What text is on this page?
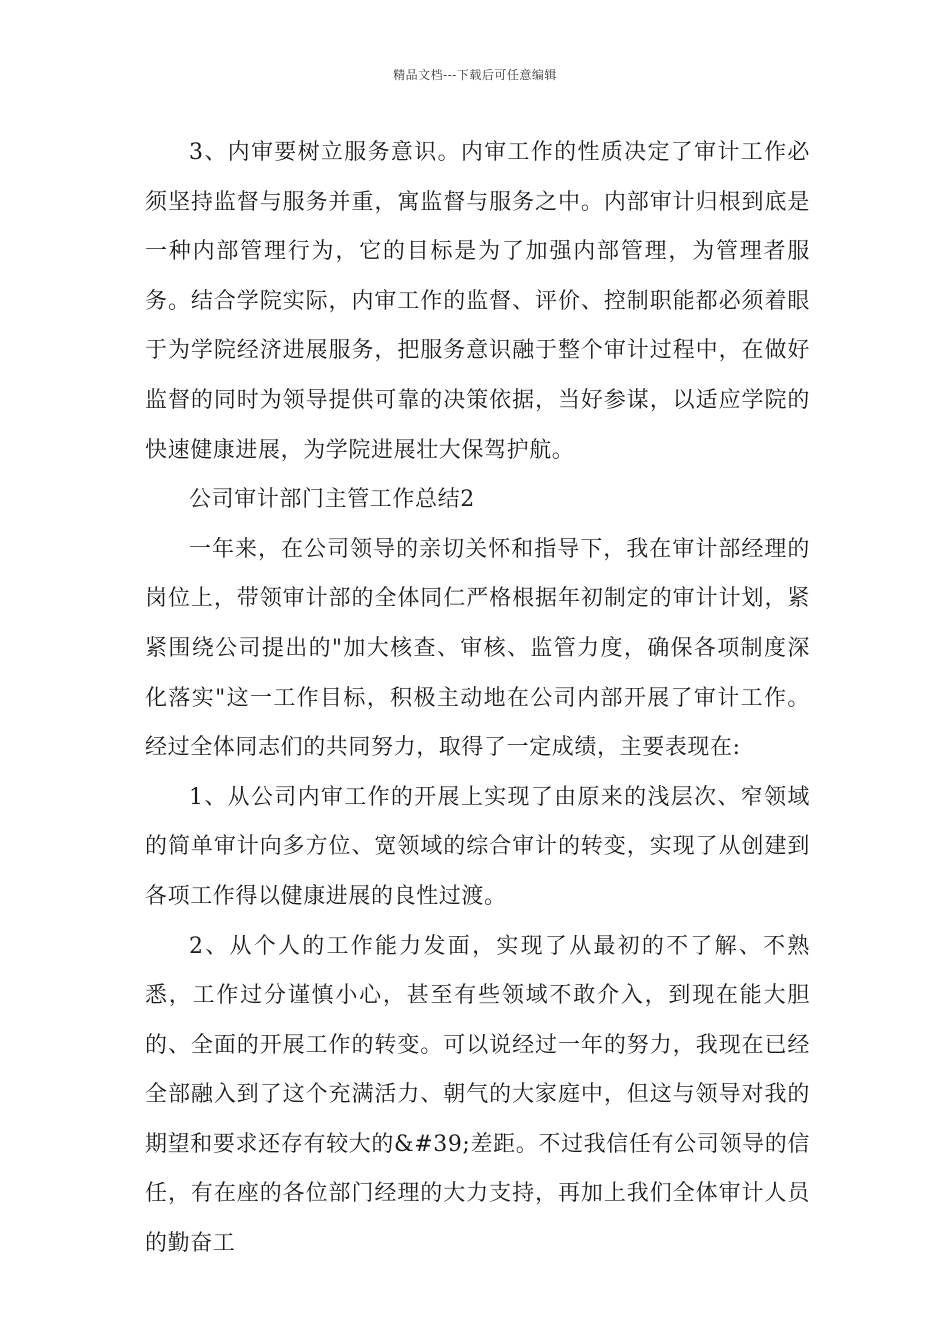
精品文档---下载后可任意编辑

3、内审要树立服务意识。内审工作的性质决定了审计工作必须坚持监督与服务并重，寓监督与服务之中。内部审计归根到底是一种内部管理行为，它的目标是为了加强内部管理，为管理者服务。结合学院实际，内审工作的监督、评价、控制职能都必须着眼于为学院经济进展服务，把服务意识融于整个审计过程中，在做好监督的同时为领导提供可靠的决策依据，当好参谋，以适应学院的快速健康进展，为学院进展壮大保驾护航。

公司审计部门主管工作总结2

一年来，在公司领导的亲切关怀和指导下，我在审计部经理的岗位上，带领审计部的全体同仁严格根据年初制定的审计计划，紧紧围绕公司提出的"加大核查、审核、监管力度，确保各项制度深化落实"这一工作目标，积极主动地在公司内部开展了审计工作。经过全体同志们的共同努力，取得了一定成绩，主要表现在:

1、从公司内审工作的开展上实现了由原来的浅层次、窄领域的简单审计向多方位、宽领域的综合审计的转变，实现了从创建到各项工作得以健康进展的良性过渡。

2、从个人的工作能力发面，实现了从最初的不了解、不熟悉，工作过分谨慎小心，甚至有些领域不敢介入，到现在能大胆的、全面的开展工作的转变。可以说经过一年的努力，我现在已经全部融入到了这个充满活力、朝气的大家庭中，但这与领导对我的期望和要求还存有较大的&#39;差距。不过我信任有公司领导的信任，有在座的各位部门经理的大力支持，再加上我们全体审计人员的勤奋工
